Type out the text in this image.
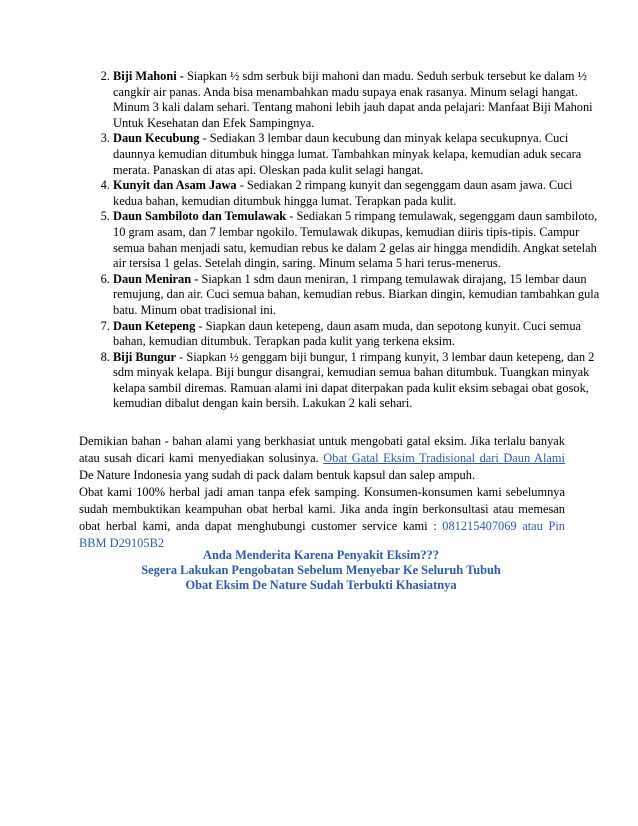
2. Biji Mahoni - Siapkan ½ sdm serbuk biji mahoni dan madu. Seduh serbuk tersebut ke dalam ½ cangkir air panas. Anda bisa menambahkan madu supaya enak rasanya. Minum selagi hangat. Minum 3 kali dalam sehari. Tentang mahoni lebih jauh dapat anda pelajari: Manfaat Biji Mahoni Untuk Kesehatan dan Efek Sampingnya.
3. Daun Kecubung - Sediakan 3 lembar daun kecubung dan minyak kelapa secukupnya. Cuci daunnya kemudian ditumbuk hingga lumat. Tambahkan minyak kelapa, kemudian aduk secara merata. Panaskan di atas api. Oleskan pada kulit selagi hangat.
4. Kunyit dan Asam Jawa - Sediakan 2 rimpang kunyit dan segenggam daun asam jawa. Cuci kedua bahan, kemudian ditumbuk hingga lumat. Terapkan pada kulit.
5. Daun Sambiloto dan Temulawak - Sediakan 5 rimpang temulawak, segenggam daun sambiloto, 10 gram asam, dan 7 lembar ngokilo. Temulawak dikupas, kemudian diiris tipis-tipis. Campur semua bahan menjadi satu, kemudian rebus ke dalam 2 gelas air hingga mendidih. Angkat setelah air tersisa 1 gelas. Setelah dingin, saring. Minum selama 5 hari terus-menerus.
6. Daun Meniran - Siapkan 1 sdm daun meniran, 1 rimpang temulawak dirajang, 15 lembar daun remujung, dan air. Cuci semua bahan, kemudian rebus. Biarkan dingin, kemudian tambahkan gula batu. Minum obat tradisional ini.
7. Daun Ketepeng - Siapkan daun ketepeng, daun asam muda, dan sepotong kunyit. Cuci semua bahan, kemudian ditumbuk. Terapkan pada kulit yang terkena eksim.
8. Biji Bungur - Siapkan ½ genggam biji bungur, 1 rimpang kunyit, 3 lembar daun ketepeng, dan 2 sdm minyak kelapa. Biji bungur disangrai, kemudian semua bahan ditumbuk. Tuangkan minyak kelapa sambil diremas. Ramuan alami ini dapat diterpakan pada kulit eksim sebagai obat gosok, kemudian dibalut dengan kain bersih. Lakukan 2 kali sehari.

Demikian bahan - bahan alami yang berkhasiat untuk mengobati gatal eksim. Jika terlalu banyak atau susah dicari kami menyediakan solusinya. Obat Gatal Eksim Tradisional dari Daun Alami De Nature Indonesia yang sudah di pack dalam bentuk kapsul dan salep ampuh.

Obat kami 100% herbal jadi aman tanpa efek samping. Konsumen-konsumen kami sebelumnya sudah membuktikan keampuhan obat herbal kami. Jika anda ingin berkonsultasi atau memesan obat herbal kami, anda dapat menghubungi customer service kami : 081215407069 atau Pin BBM D29105B2

Anda Menderita Karena Penyakit Eksim???
Segera Lakukan Pengobatan Sebelum Menyebar Ke Seluruh Tubuh
Obat Eksim De Nature Sudah Terbukti Khasiatnya
